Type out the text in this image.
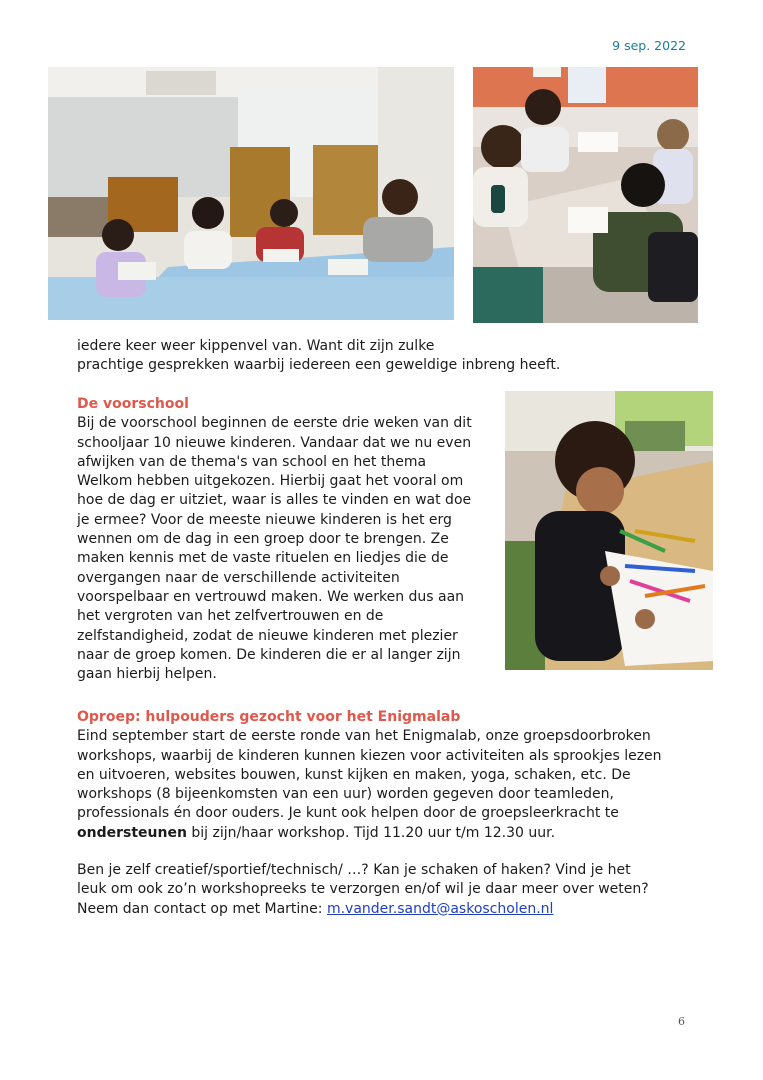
9 sep. 2022

iedere keer weer kippenvel van. Want dit zijn zulke

prachtige gesprekken waarbij iedereen een geweldige inbreng heeft.

De voorschool

Bij de voorschool beginnen de eerste drie weken van dit

schooljaar 10 nieuwe kinderen. Vandaar dat we nu even

afwijken van de thema's van school en het thema

Welkom hebben uitgekozen. Hierbij gaat het vooral om

hoe de dag er uitziet, waar is alles te vinden en wat doe

je ermee? Voor de meeste nieuwe kinderen is het erg

wennen om de dag in een groep door te brengen. Ze

maken kennis met de vaste rituelen en liedjes die de

overgangen naar de verschillende activiteiten

voorspelbaar en vertrouwd maken. We werken dus aan

het vergroten van het zelfvertrouwen en de

zelfstandigheid, zodat de nieuwe kinderen met plezier

naar de groep komen. De kinderen die er al langer zijn

gaan hierbij helpen.

Oproep: hulpouders gezocht voor het Enigmalab

Eind september start de eerste ronde van het Enigmalab, onze groepsdoorbroken

workshops, waarbij de kinderen kunnen kiezen voor activiteiten als sprookjes lezen

en uitvoeren, websites bouwen, kunst kijken en maken, yoga, schaken, etc. De

workshops (8 bijeenkomsten van een uur) worden gegeven door teamleden,

professionals én door ouders. Je kunt ook helpen door de groepsleerkracht te

ondersteunen bij zijn/haar workshop. Tijd 11.20 uur t/m 12.30 uur.

Ben je zelf creatief/sportief/technisch/ …? Kan je schaken of haken? Vind je het

leuk om ook zo’n workshopreeks te verzorgen en/of wil je daar meer over weten?

Neem dan contact op met Martine: m.vander.sandt@askoscholen.nl

6
